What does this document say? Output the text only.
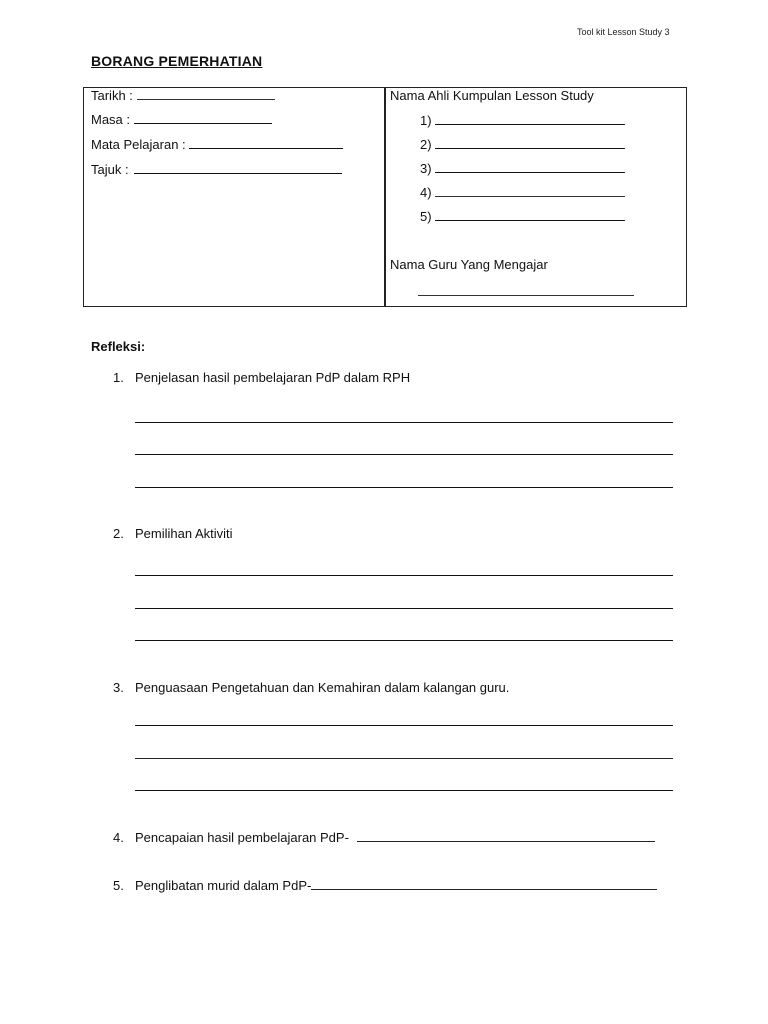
Tool kit Lesson Study 3
BORANG PEMERHATIAN
Tarikh :
Masa :
Mata Pelajaran :
Tajuk :
Nama Ahli Kumpulan Lesson Study
1)
2)
3)
4)
5)
Nama Guru Yang Mengajar
Refleksi:
1. Penjelasan hasil pembelajaran PdP dalam RPH
2. Pemilihan Aktiviti
3. Penguasaan Pengetahuan dan Kemahiran dalam kalangan guru.
4. Pencapaian hasil pembelajaran PdP-
5. Penglibatan murid dalam PdP-
